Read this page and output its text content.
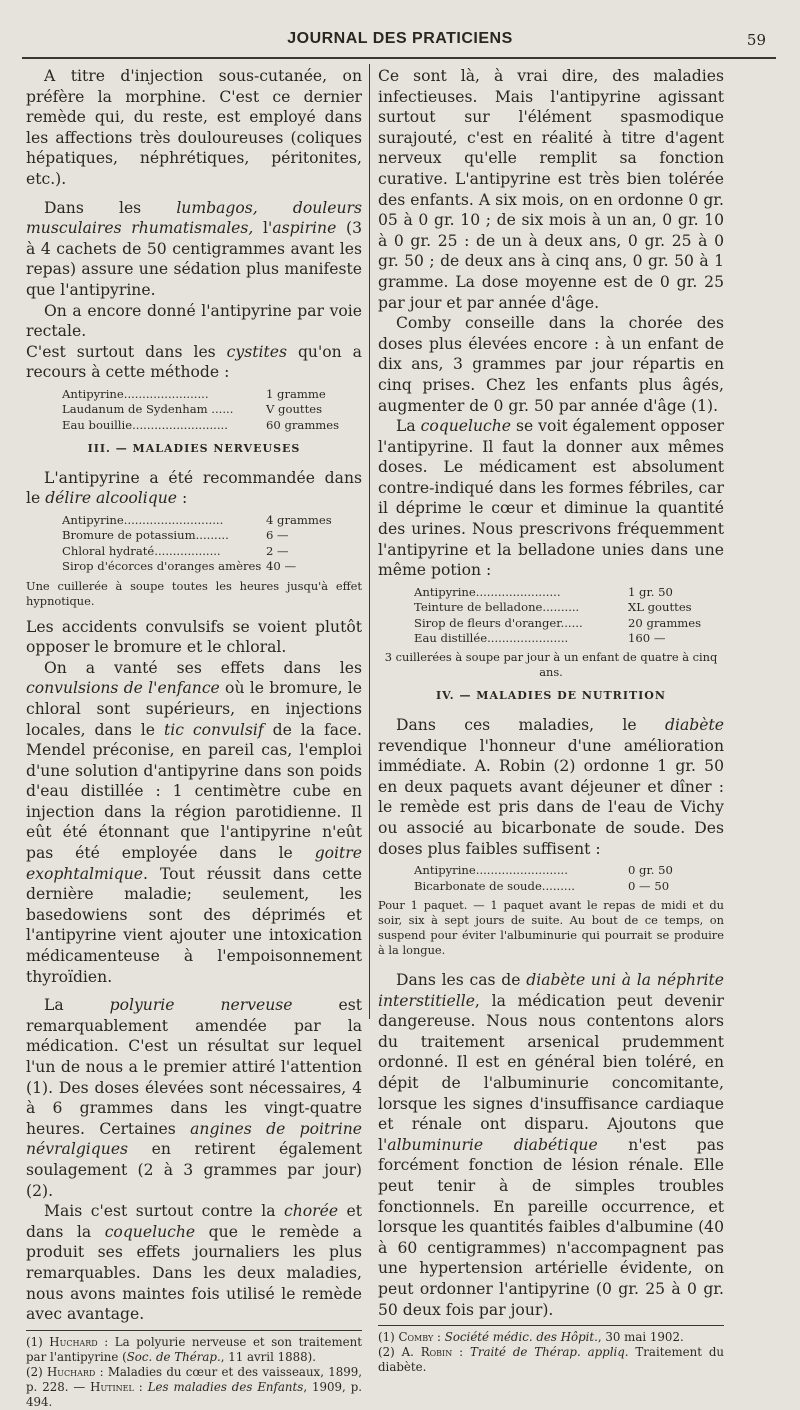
JOURNAL DES PRATICIENS	59

A titre d'injection sous-cutanée, on préfère la morphine. C'est ce dernier remède qui, du reste, est employé dans les affections très douloureuses (coliques hépatiques, néphrétiques, péritonites, etc.).

Dans les lumbagos, douleurs musculaires rhumatismales, l'aspirine (3 à 4 cachets de 50 centigrammes avant les repas) assure une sédation plus manifeste que l'antipyrine.

On a encore donné l'antipyrine par voie rectale.

C'est surtout dans les cystites qu'on a recours à cette méthode :

Antipyrine.......................	1 gramme
Laudanum de Sydenham ......	V gouttes
Eau bouillie..........................	60 grammes
III. — MALADIES NERVEUSES

L'antipyrine a été recommandée dans le délire alcoolique :

Antipyrine...........................	4 grammes
Bromure de potassium.........	6 —
Chloral hydraté..................	2 —
Sirop d'écorces d'oranges amères 40 —
Une cuillerée à soupe toutes les heures jusqu'à effet hypnotique.

Les accidents convulsifs se voient plutôt opposer le bromure et le chloral.

On a vanté ses effets dans les convulsions de l'enfance où le bromure, le chloral sont supérieurs, en injections locales, dans le tic convulsif de la face. Mendel préconise, en pareil cas, l'emploi d'une solution d'antipyrine dans son poids d'eau distillée : 1 centimètre cube en injection dans la région parotidienne. Il eût été étonnant que l'antipyrine n'eût pas été employée dans le goitre exophtalmique. Tout réussit dans cette dernière maladie; seulement, les basedowiens sont des déprimés et l'antipyrine vient ajouter une intoxication médicamenteuse à l'empoisonnement thyroïdien.

La polyurie nerveuse est remarquablement amendée par la médication. C'est un résultat sur lequel l'un de nous a le premier attiré l'attention (1). Des doses élevées sont nécessaires, 4 à 6 grammes dans les vingt-quatre heures. Certaines angines de poitrine névralgiques en retirent également soulagement (2 à 3 grammes par jour) (2).

Mais c'est surtout contre la chorée et dans la coqueluche que le remède a produit ses effets journaliers les plus remarquables. Dans les deux maladies, nous avons maintes fois utilisé le remède avec avantage.

(1) Huchard : La polyurie nerveuse et son traitement par l'antipyrine (Soc. de Thérap., 11 avril 1888).
(2) Huchard : Maladies du cœur et des vaisseaux, 1899, p. 228. — Hutinel : Les maladies des Enfants, 1909, p. 494.

Ce sont là, à vrai dire, des maladies infectieuses. Mais l'antipyrine agissant surtout sur l'élément spasmodique surajouté, c'est en réalité à titre d'agent nerveux qu'elle remplit sa fonction curative. L'antipyrine est très bien tolérée des enfants. A six mois, on en ordonne 0 gr. 05 à 0 gr. 10 ; de six mois à un an, 0 gr. 10 à 0 gr. 25 : de un à deux ans, 0 gr. 25 à 0 gr. 50 ; de deux ans à cinq ans, 0 gr. 50 à 1 gramme. La dose moyenne est de 0 gr. 25 par jour et par année d'âge.

Comby conseille dans la chorée des doses plus élevées encore : à un enfant de dix ans, 3 grammes par jour répartis en cinq prises. Chez les enfants plus âgés, augmenter de 0 gr. 50 par année d'âge (1).

La coqueluche se voit également opposer l'antipyrine. Il faut la donner aux mêmes doses. Le médicament est absolument contre-indiqué dans les formes fébriles, car il déprime le cœur et diminue la quantité des urines. Nous prescrivons fréquemment l'antipyrine et la belladone unies dans une même potion :

Antipyrine.......................	1 gr. 50
Teinture de belladone..........	XL gouttes
Sirop de fleurs d'oranger......	20 grammes
Eau distillée......................	160 —
3 cuillerées à soupe par jour à un enfant de quatre à cinq ans.
IV. — MALADIES DE NUTRITION

Dans ces maladies, le diabète revendique l'honneur d'une amélioration immédiate. A. Robin (2) ordonne 1 gr. 50 en deux paquets avant déjeuner et dîner : le remède est pris dans de l'eau de Vichy ou associé au bicarbonate de soude. Des doses plus faibles suffisent :

Antipyrine.........................	0 gr. 50
Bicarbonate de soude.........	0 — 50
Pour 1 paquet. — 1 paquet avant le repas de midi et du soir, six à sept jours de suite. Au bout de ce temps, on suspend pour éviter l'albuminurie qui pourrait se produire à la longue.

Dans les cas de diabète uni à la néphrite interstitielle, la médication peut devenir dangereuse. Nous nous contentons alors du traitement arsenical prudemment ordonné. Il est en général bien toléré, en dépit de l'albuminurie concomitante, lorsque les signes d'insuffisance cardiaque et rénale ont disparu. Ajoutons que l'albuminurie diabétique n'est pas forcément fonction de lésion rénale. Elle peut tenir à de simples troubles fonctionnels. En pareille occurrence, et lorsque les quantités faibles d'albumine (40 à 60 centigrammes) n'accompagnent pas une hypertension artérielle évidente, on peut ordonner l'antipyrine (0 gr. 25 à 0 gr. 50 deux fois par jour).

(1) Comby : Société médic. des Hôpit., 30 mai 1902.
(2) A. Robin : Traité de Thérap. appliq. Traitement du diabète.
